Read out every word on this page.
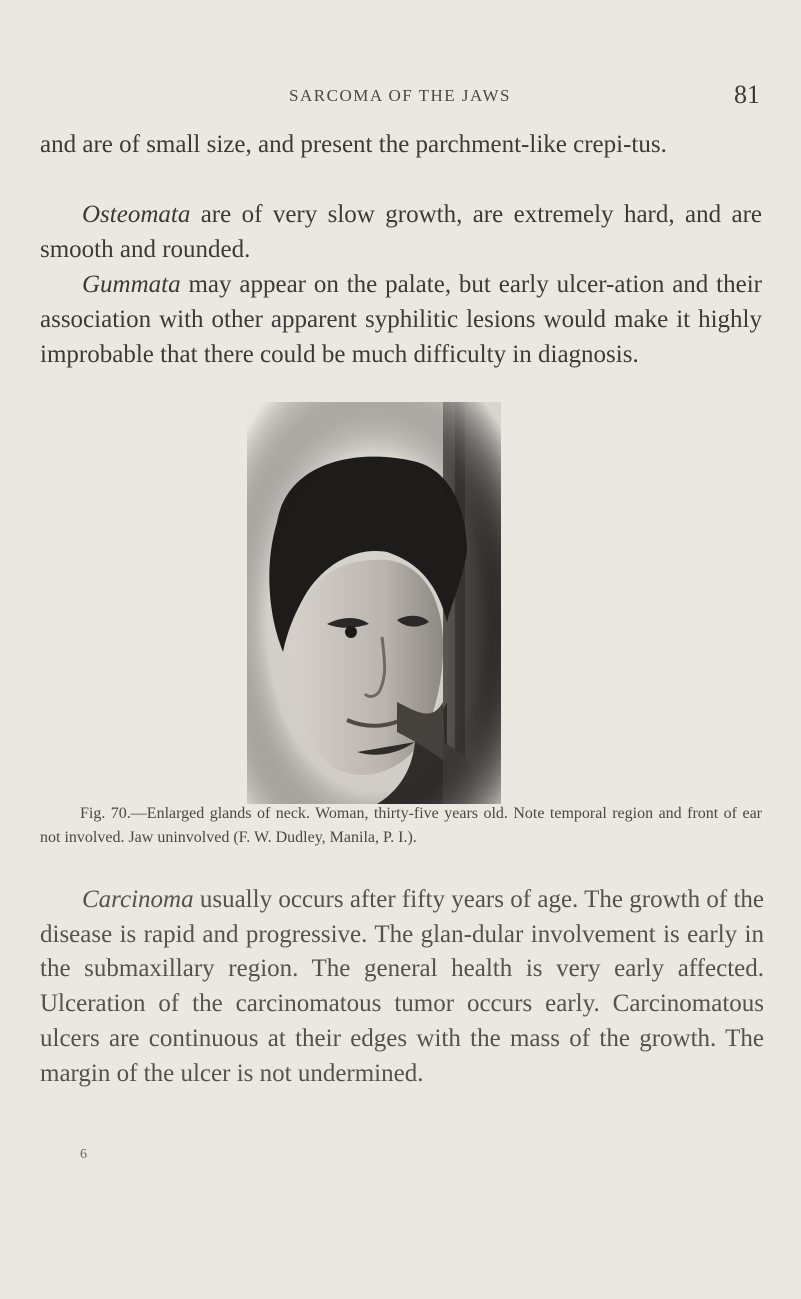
SARCOMA OF THE JAWS	81

and are of small size, and present the parchment-like crepi-tus.

Osteomata are of very slow growth, are extremely hard, and are smooth and rounded.

Gummata may appear on the palate, but early ulcer-ation and their association with other apparent syphilitic lesions would make it highly improbable that there could be much difficulty in diagnosis.

Fig. 70.—Enlarged glands of neck. Woman, thirty-five years old. Note temporal region and front of ear not involved. Jaw uninvolved (F. W. Dudley, Manila, P. I.).

Carcinoma usually occurs after fifty years of age. The growth of the disease is rapid and progressive. The glan-dular involvement is early in the submaxillary region. The general health is very early affected. Ulceration of the carcinomatous tumor occurs early. Carcinomatous ulcers are continuous at their edges with the mass of the growth. The margin of the ulcer is not undermined.

6
